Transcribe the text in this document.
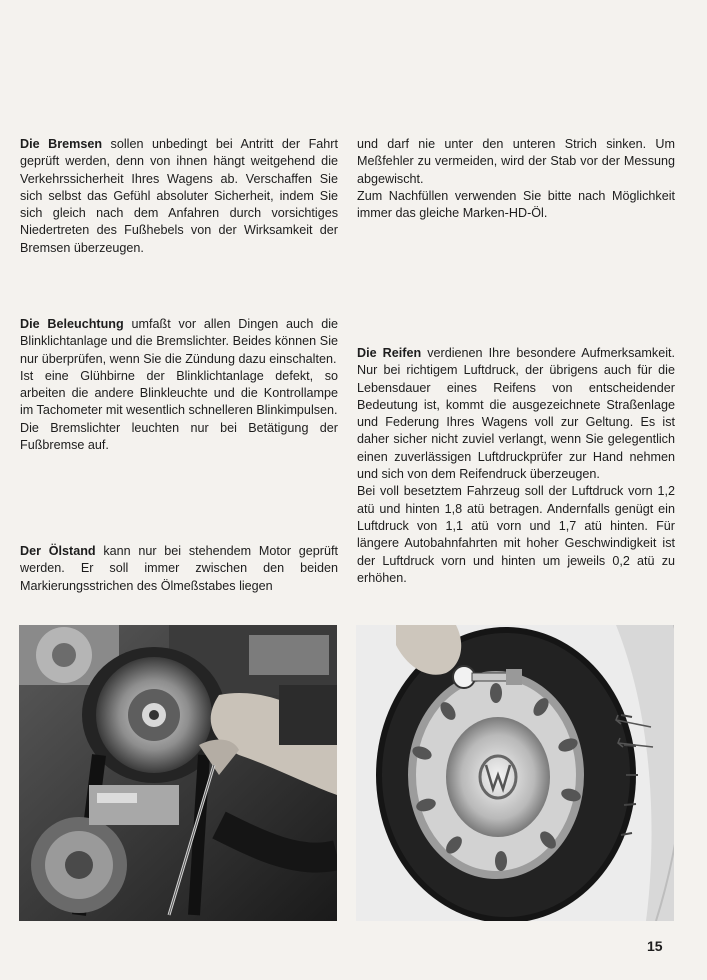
Die Bremsen sollen unbedingt bei Antritt der Fahrt geprüft werden, denn von ihnen hängt weitgehend die Verkehrssicherheit Ihres Wagens ab. Verschaffen Sie sich selbst das Gefühl absoluter Sicherheit, indem Sie sich gleich nach dem Anfahren durch vorsichtiges Niedertreten des Fußhebels von der Wirksamkeit der Bremsen überzeugen.

Die Beleuchtung umfaßt vor allen Dingen auch die Blinklichtanlage und die Bremslichter. Beides können Sie nur überprüfen, wenn Sie die Zündung dazu einschalten.

Ist eine Glühbirne der Blinklichtanlage defekt, so arbeiten die andere Blinkleuchte und die Kontrollampe im Tachometer mit wesentlich schnelleren Blinkimpulsen.

Die Bremslichter leuchten nur bei Betätigung der Fußbremse auf.

Der Ölstand kann nur bei stehendem Motor geprüft werden. Er soll immer zwischen den beiden Markierungsstrichen des Ölmeßstabes liegen

und darf nie unter den unteren Strich sinken. Um Meßfehler zu vermeiden, wird der Stab vor der Messung abgewischt.

Zum Nachfüllen verwenden Sie bitte nach Möglichkeit immer das gleiche Marken-HD-Öl.

Die Reifen verdienen Ihre besondere Aufmerksamkeit. Nur bei richtigem Luftdruck, der übrigens auch für die Lebensdauer eines Reifens von entscheidender Bedeutung ist, kommt die ausgezeichnete Straßenlage und Federung Ihres Wagens voll zur Geltung. Es ist daher sicher nicht zuviel verlangt, wenn Sie gelegentlich einen zuverlässigen Luftdruckprüfer zur Hand nehmen und sich von dem Reifendruck überzeugen.

Bei voll besetztem Fahrzeug soll der Luftdruck vorn 1,2 atü und hinten 1,8 atü betragen. Andernfalls genügt ein Luftdruck von 1,1 atü vorn und 1,7 atü hinten. Für längere Autobahnfahrten mit hoher Geschwindigkeit ist der Luftdruck vorn und hinten um jeweils 0,2 atü zu erhöhen.

15
